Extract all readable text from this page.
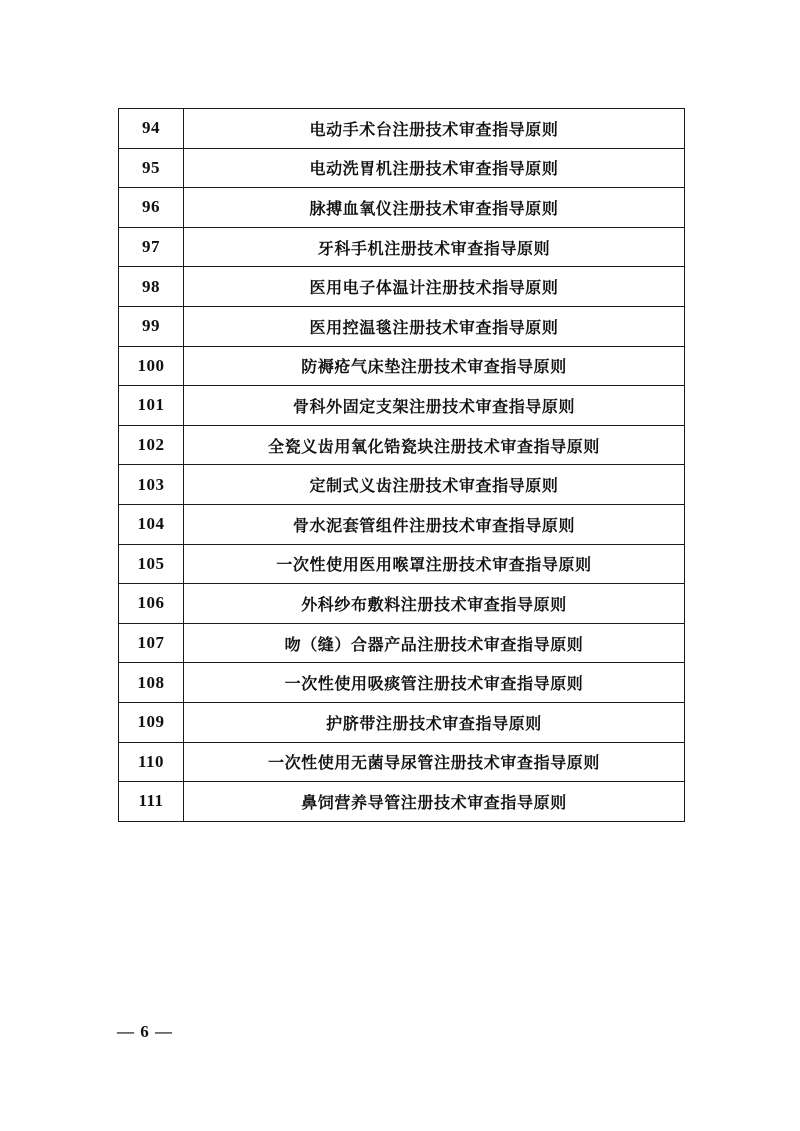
94	电动手术台注册技术审查指导原则
95	电动洗胃机注册技术审查指导原则
96	脉搏血氧仪注册技术审查指导原则
97	牙科手机注册技术审查指导原则
98	医用电子体温计注册技术指导原则
99	医用控温毯注册技术审查指导原则
100	防褥疮气床垫注册技术审查指导原则
101	骨科外固定支架注册技术审查指导原则
102	全瓷义齿用氧化锆瓷块注册技术审查指导原则
103	定制式义齿注册技术审查指导原则
104	骨水泥套管组件注册技术审查指导原则
105	一次性使用医用喉罩注册技术审查指导原则
106	外科纱布敷料注册技术审查指导原则
107	吻（缝）合器产品注册技术审查指导原则
108	一次性使用吸痰管注册技术审查指导原则
109	护脐带注册技术审查指导原则
110	一次性使用无菌导尿管注册技术审查指导原则
111	鼻饲营养导管注册技术审查指导原则
— 6 —
